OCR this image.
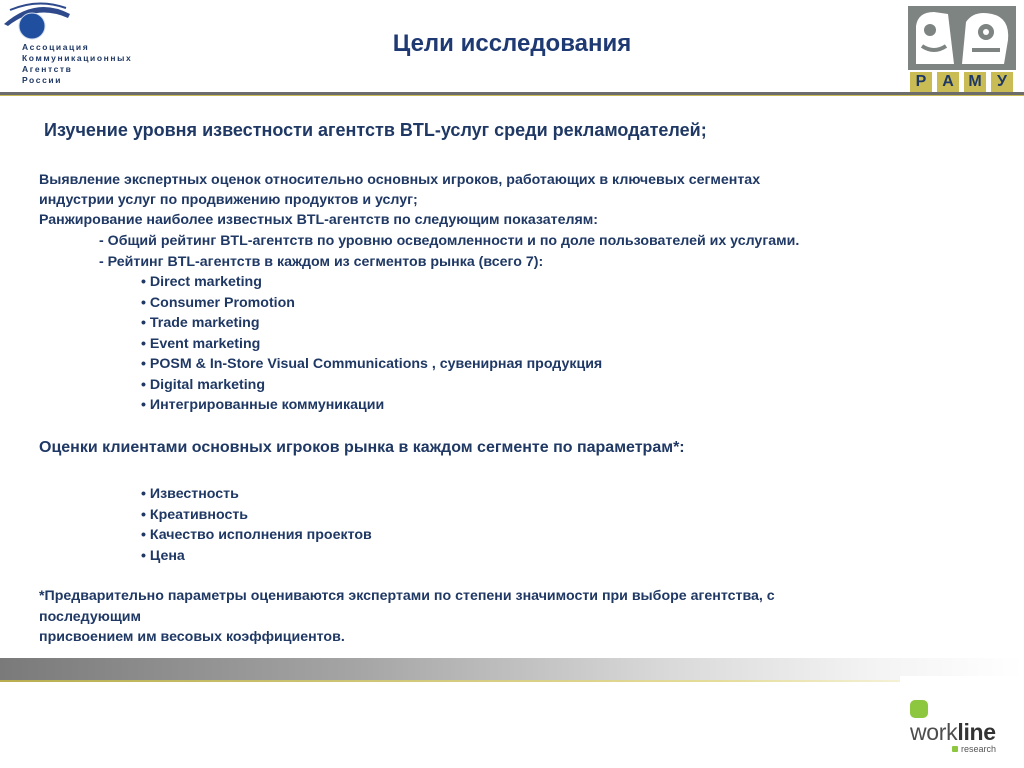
Ассоциация
Коммуникационных
Агентств
России
Цели исследования
Р А М У
Изучение уровня известности агентств BTL-услуг среди рекламодателей;
Выявление экспертных оценок относительно основных игроков, работающих в ключевых сегментах
индустрии услуг по продвижению продуктов и услуг;
Ранжирование наиболее известных BTL-агентств по следующим показателям:
- Общий рейтинг BTL-агентств по уровню осведомленности и по доле пользователей их услугами.
- Рейтинг BTL-агентств в каждом из сегментов рынка (всего 7):
• Direct marketing
• Consumer Promotion
• Trade marketing
• Event marketing
• POSM & In-Store Visual Communications , сувенирная продукция
• Digital marketing
• Интегрированные коммуникации
Оценки клиентами основных игроков рынка в каждом сегменте по параметрам*:
• Известность
• Креативность
• Качество исполнения проектов
• Цена
*Предварительно параметры оцениваются экспертами по степени значимости при выборе агентства, с
последующим
присвоением им весовых коэффициентов.
workline
research
